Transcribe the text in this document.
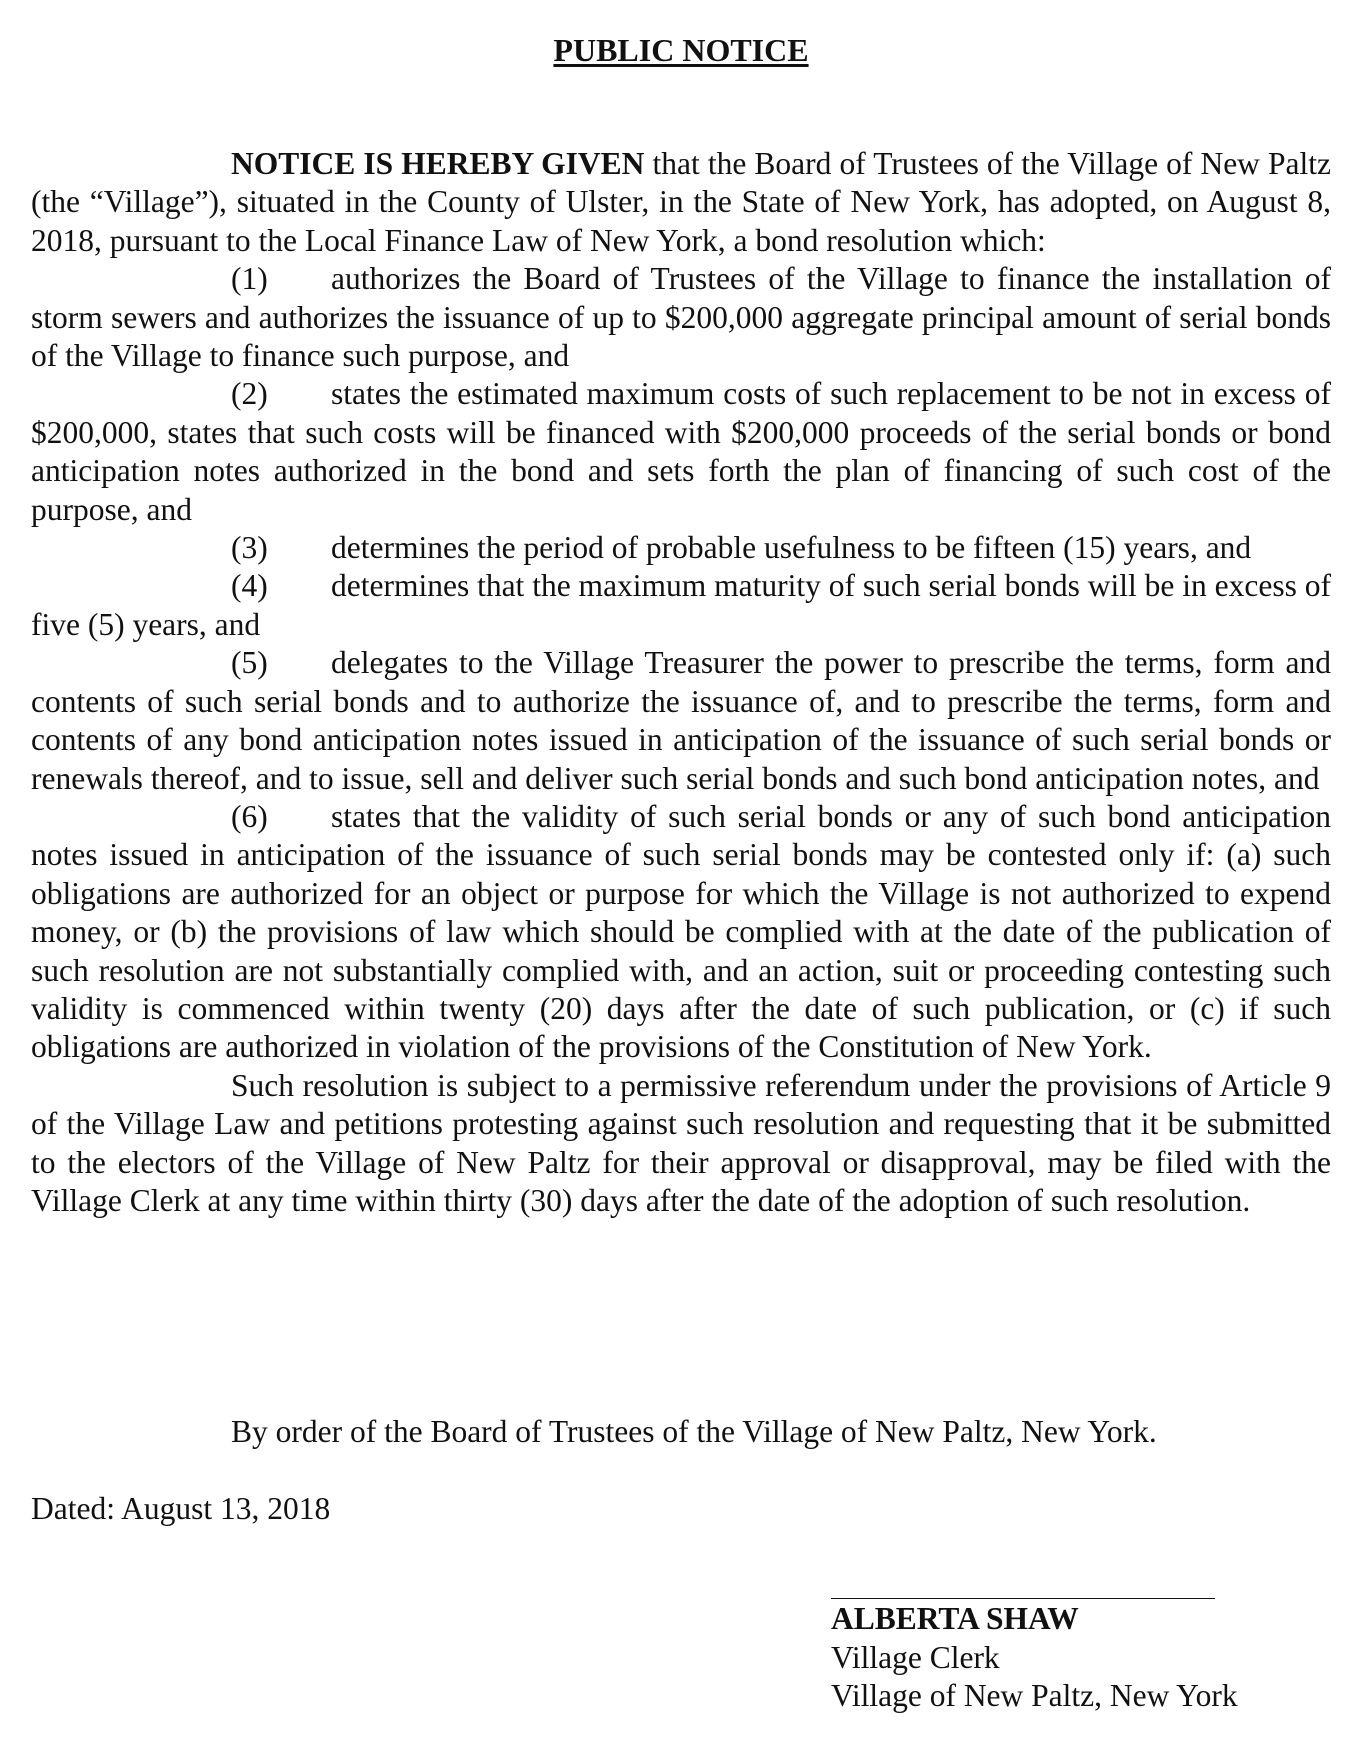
PUBLIC NOTICE

NOTICE IS HEREBY GIVEN that the Board of Trustees of the Village of New Paltz (the “Village”), situated in the County of Ulster, in the State of New York, has adopted, on August 8, 2018, pursuant to the Local Finance Law of New York, a bond resolution which:

(1) authorizes the Board of Trustees of the Village to finance the installation of storm sewers and authorizes the issuance of up to $200,000 aggregate principal amount of serial bonds of the Village to finance such purpose, and

(2) states the estimated maximum costs of such replacement to be not in excess of $200,000, states that such costs will be financed with $200,000 proceeds of the serial bonds or bond anticipation notes authorized in the bond and sets forth the plan of financing of such cost of the purpose, and

(3) determines the period of probable usefulness to be fifteen (15) years, and

(4) determines that the maximum maturity of such serial bonds will be in excess of five (5) years, and

(5) delegates to the Village Treasurer the power to prescribe the terms, form and contents of such serial bonds and to authorize the issuance of, and to prescribe the terms, form and contents of any bond anticipation notes issued in anticipation of the issuance of such serial bonds or renewals thereof, and to issue, sell and deliver such serial bonds and such bond anticipation notes, and

(6) states that the validity of such serial bonds or any of such bond anticipation notes issued in anticipation of the issuance of such serial bonds may be contested only if: (a) such obligations are authorized for an object or purpose for which the Village is not authorized to expend money, or (b) the provisions of law which should be complied with at the date of the publication of such resolution are not substantially complied with, and an action, suit or proceeding contesting such validity is commenced within twenty (20) days after the date of such publication, or (c) if such obligations are authorized in violation of the provisions of the Constitution of New York.

Such resolution is subject to a permissive referendum under the provisions of Article 9 of the Village Law and petitions protesting against such resolution and requesting that it be submitted to the electors of the Village of New Paltz for their approval or disapproval, may be filed with the Village Clerk at any time within thirty (30) days after the date of the adoption of such resolution.

By order of the Board of Trustees of the Village of New Paltz, New York.
Dated: August 13, 2018
ALBERTA SHAW
Village Clerk
Village of New Paltz, New York
